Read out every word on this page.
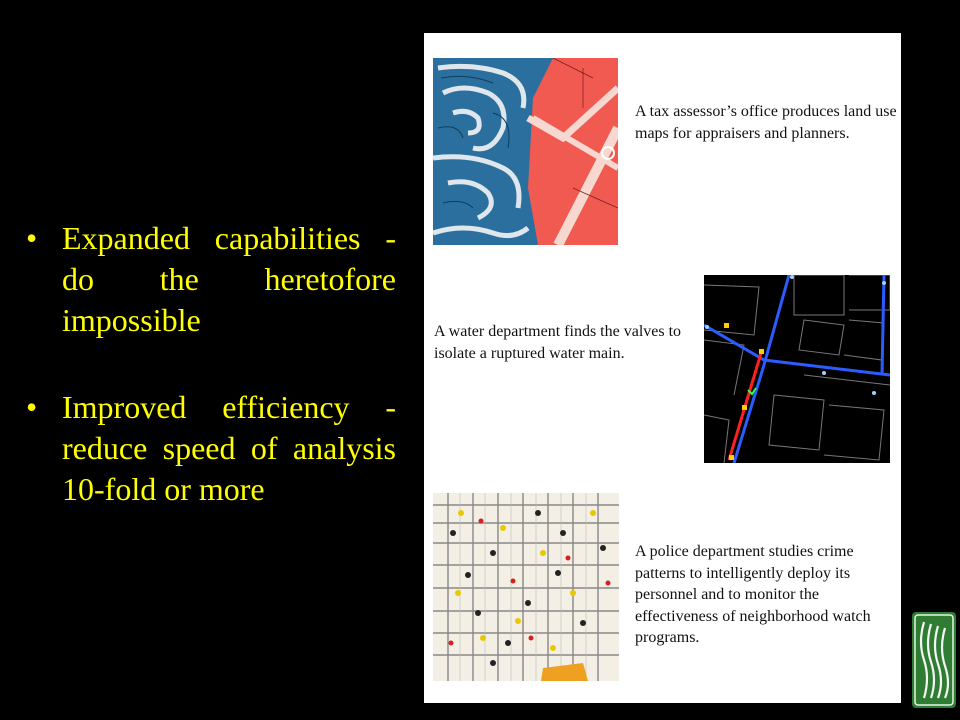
• Expanded capabilities - do the heretofore impossible
• Improved efficiency - reduce speed of analysis 10-fold or more

A tax assessor’s office produces land use maps for appraisers and planners.

A water department finds the valves to isolate a ruptured water main.

A police department studies crime patterns to intelligently deploy its personnel and to monitor the effectiveness of neighborhood watch programs.
